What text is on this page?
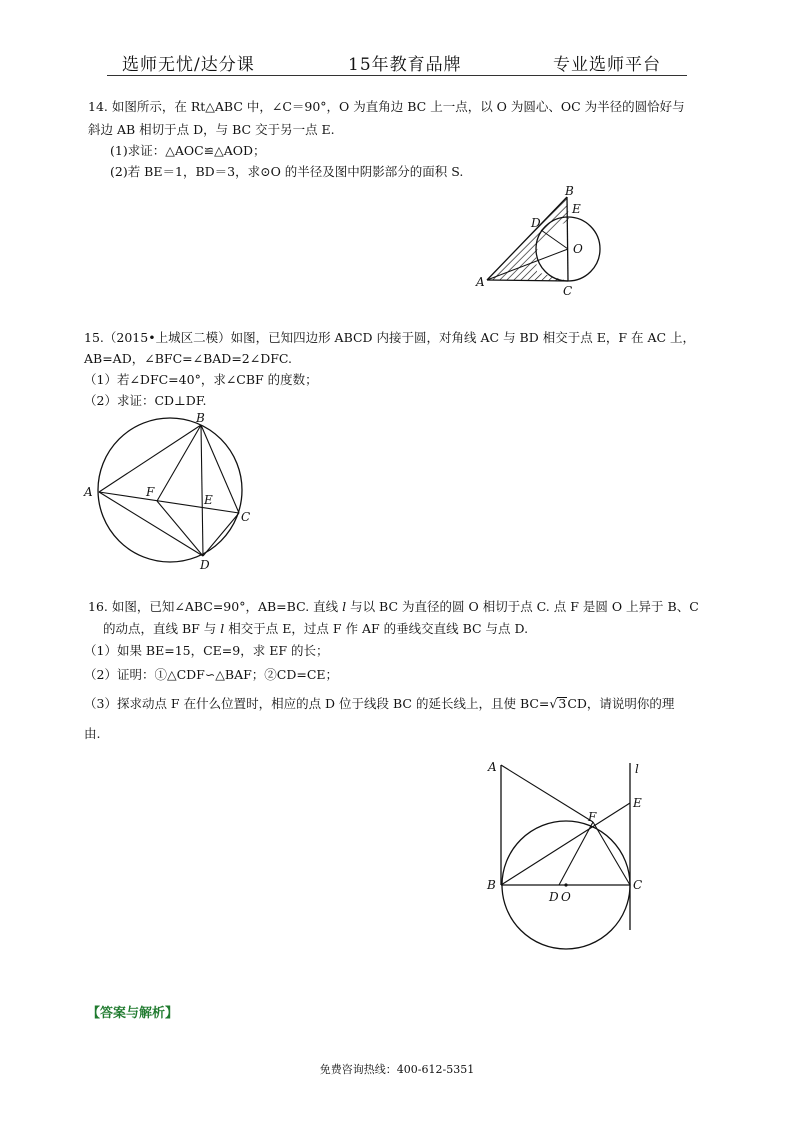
选师无忧/达分课	15年教育品牌	专业选师平台
14. 如图所示，在 Rt△ABC 中，∠C＝90°，O 为直角边 BC 上一点，以 O 为圆心、OC 为半径的圆恰好与
斜边 AB 相切于点 D，与 BC 交于另一点 E.
(1)求证：△AOC≌△AOD；
(2)若 BE＝1，BD＝3，求⊙O 的半径及图中阴影部分的面积 S.
A
B
C
D
E
O
15.（2015•上城区二模）如图，已知四边形 ABCD 内接于圆，对角线 AC 与 BD 相交于点 E，F 在 AC 上，
AB=AD，∠BFC=∠BAD=2∠DFC.
（1）若∠DFC=40°，求∠CBF 的度数；
（2）求证：CD⊥DF.
A
B
C
D
E
F
16. 如图，已知∠ABC=90°，AB=BC. 直线 l 与以 BC 为直径的圆 O 相切于点 C. 点 F 是圆 O 上异于 B、C
的动点，直线 BF 与 l 相交于点 E，过点 F 作 AF 的垂线交直线 BC 与点 D.
（1）如果 BE=15，CE=9，求 EF 的长；
（2）证明：①△CDF∽△BAF；②CD=CE；
（3）探求动点 F 在什么位置时，相应的点 D 位于线段 BC 的延长线上，且使 BC=√3CD，请说明你的理
由.
A
B	C
D O
E
F
l
【答案与解析】
免费咨询热线：400-612-5351
